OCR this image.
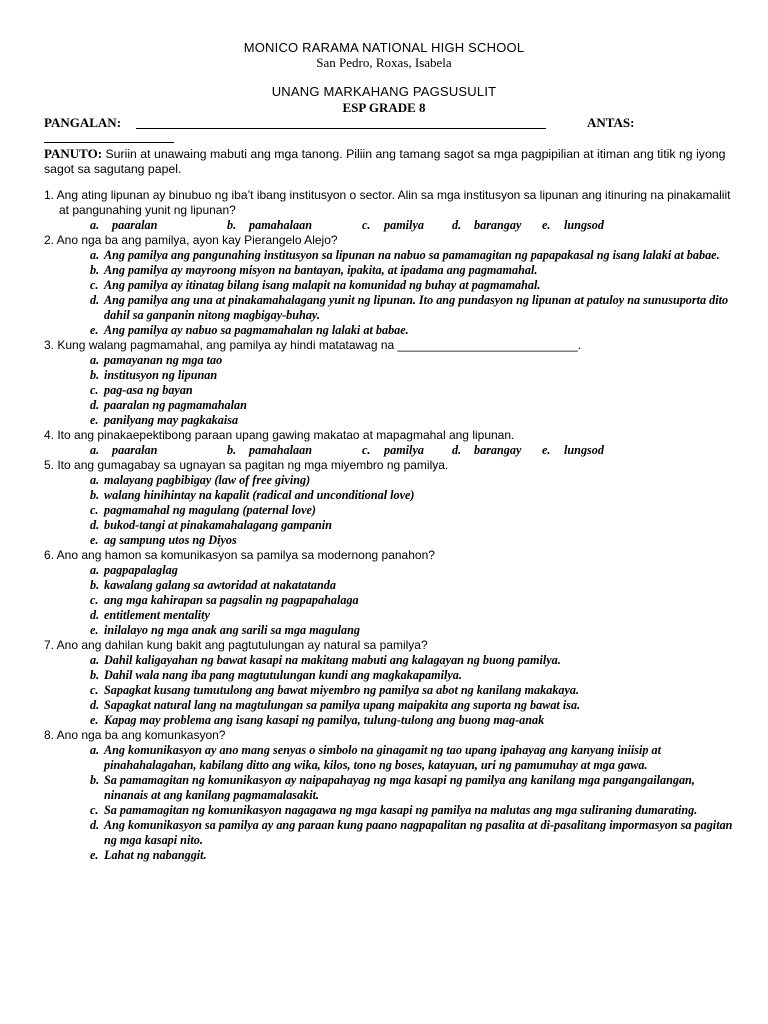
MONICO RARAMA NATIONAL HIGH SCHOOL
San Pedro, Roxas, Isabela
UNANG MARKAHANG PAGSUSULIT
ESP GRADE 8
PANGALAN:	ANTAS:
PANUTO: Suriin at unawaing mabuti ang mga tanong. Piliin ang tamang sagot sa mga pagpipilian at itiman ang titik ng iyong sagot sa sagutang papel.
1. Ang ating lipunan ay binubuo ng iba’t ibang institusyon o sector. Alin sa mga institusyon sa lipunan ang itinuring na pinakamaliit at pangunahing yunit ng lipunan?
a. paaralan	b. pamahalaan	c. pamilya	d. barangay	e. lungsod
2. Ano nga ba ang pamilya, ayon kay Pierangelo Alejo?
a. Ang pamilya ang pangunahing institusyon sa lipunan na nabuo sa pamamagitan ng papapakasal ng isang lalaki at babae.
b. Ang pamilya ay mayroong misyon na bantayan, ipakita, at ipadama ang pagmamahal.
c. Ang pamilya ay itinatag bilang isang malapit na komunidad ng buhay at pagmamahal.
d. Ang pamilya ang una at pinakamahalagang yunit ng lipunan. Ito ang pundasyon ng lipunan at patuloy na sunusuporta dito dahil sa ganpanin nitong magbigay-buhay.
e. Ang pamilya ay nabuo sa pagmamahalan ng lalaki at babae.
3. Kung walang pagmamahal, ang pamilya ay hindi matatawag na ___________________________.
a. pamayanan ng mga tao
b. institusyon ng lipunan
c. pag-asa ng bayan
d. paaralan ng pagmamahalan
e. panilyang may pagkakaisa
4. Ito ang pinakaepektibong paraan upang gawing makatao at mapagmahal ang lipunan.
a. paaralan	b. pamahalaan	c. pamilya	d. barangay	e. lungsod
5. Ito ang gumagabay sa ugnayan sa pagitan ng mga miyembro ng pamilya.
a. malayang pagbibigay (law of free giving)
b. walang hinihintay na kapalit (radical and unconditional love)
c. pagmamahal ng magulang (paternal love)
d. bukod-tangi at pinakamahalagang gampanin
e. ag sampung utos ng Diyos
6. Ano ang hamon sa komunikasyon sa pamilya sa modernong panahon?
a. pagpapalaglag
b. kawalang galang sa awtoridad at nakatatanda
c. ang mga kahirapan sa pagsalin ng pagpapahalaga
d. entitlement mentality
e. inilalayo ng mga anak ang sarili sa mga magulang
7. Ano ang dahilan kung bakit ang pagtutulungan ay natural sa pamilya?
a. Dahil kaligayahan ng bawat kasapi na makitang mabuti ang kalagayan ng buong pamilya.
b. Dahil wala nang iba pang magtutulungan kundi ang magkakapamilya.
c. Sapagkat kusang tumutulong ang bawat miyembro ng pamilya sa abot ng kanilang makakaya.
d. Sapagkat natural lang na magtulungan sa pamilya upang maipakita ang suporta ng bawat isa.
e. Kapag may problema ang isang kasapi ng pamilya, tulung-tulong ang buong mag-anak
8. Ano nga ba ang komunkasyon?
a. Ang komunikasyon ay ano mang senyas o simbolo na ginagamit ng tao upang ipahayag ang kanyang iniisip at pinahahalagahan, kabilang ditto ang wika, kilos, tono ng boses, katayuan, uri ng pamumuhay at mga gawa.
b. Sa pamamagitan ng komunikasyon ay naipapahayag ng mga kasapi ng pamilya ang kanilang mga pangangailangan, ninanais at ang kanilang pagmamalasakit.
c. Sa pamamagitan ng komunikasyon nagagawa ng mga kasapi ng pamilya na malutas ang mga suliraning dumarating.
d. Ang komunikasyon sa pamilya ay ang paraan kung paano nagpapalitan ng pasalita at di-pasalitang impormasyon sa pagitan ng mga kasapi nito.
e. Lahat ng nabanggit.
